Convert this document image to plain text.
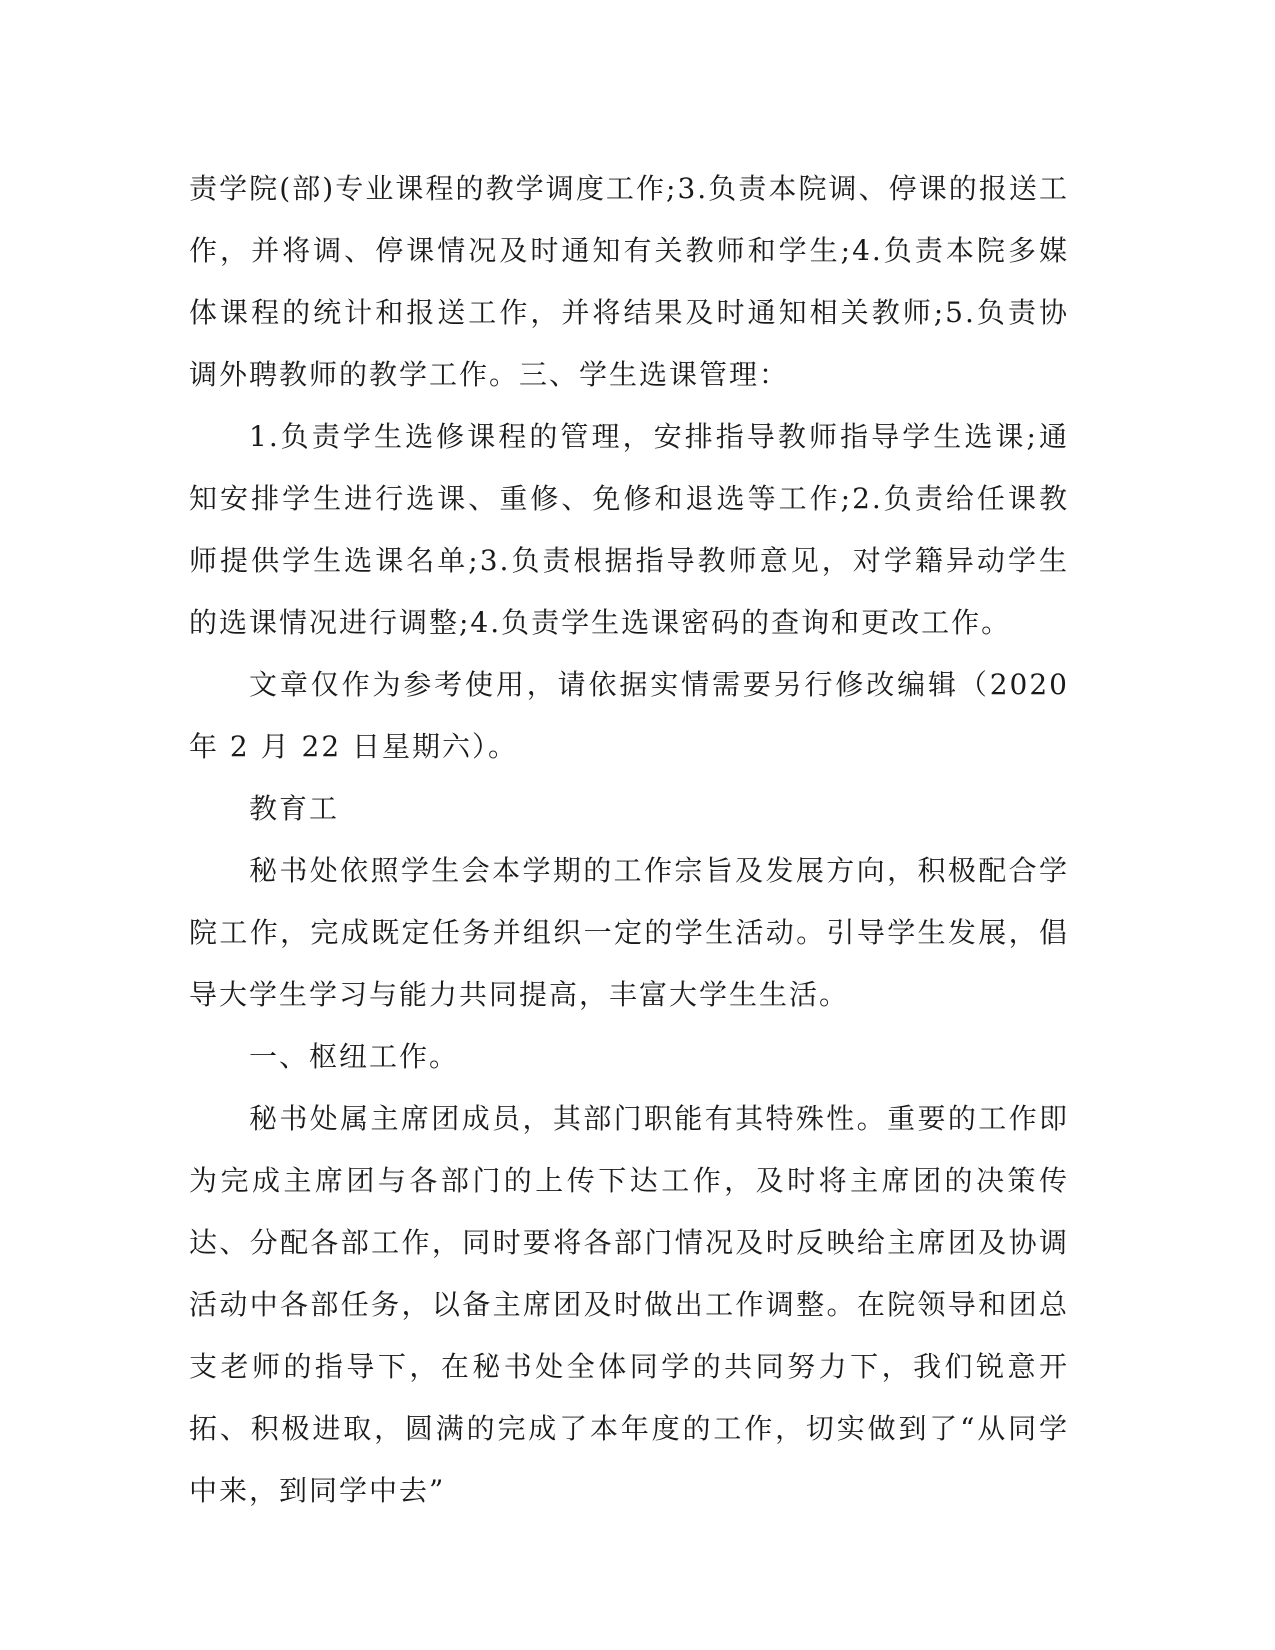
责学院(部)专业课程的教学调度工作;3.负责本院调、停课的报送工作，并将调、停课情况及时通知有关教师和学生;4.负责本院多媒体课程的统计和报送工作，并将结果及时通知相关教师;5.负责协调外聘教师的教学工作。三、学生选课管理：

1.负责学生选修课程的管理，安排指导教师指导学生选课;通知安排学生进行选课、重修、免修和退选等工作;2.负责给任课教师提供学生选课名单;3.负责根据指导教师意见，对学籍异动学生的选课情况进行调整;4.负责学生选课密码的查询和更改工作。

文章仅作为参考使用，请依据实情需要另行修改编辑（2020 年 2 月 22 日星期六）。

教育工

秘书处依照学生会本学期的工作宗旨及发展方向，积极配合学院工作，完成既定任务并组织一定的学生活动。引导学生发展，倡导大学生学习与能力共同提高，丰富大学生生活。

一、枢纽工作。

秘书处属主席团成员，其部门职能有其特殊性。重要的工作即为完成主席团与各部门的上传下达工作，及时将主席团的决策传达、分配各部工作，同时要将各部门情况及时反映给主席团及协调活动中各部任务，以备主席团及时做出工作调整。在院领导和团总支老师的指导下，在秘书处全体同学的共同努力下，我们锐意开拓、积极进取，圆满的完成了本年度的工作，切实做到了“从同学中来，到同学中去”
